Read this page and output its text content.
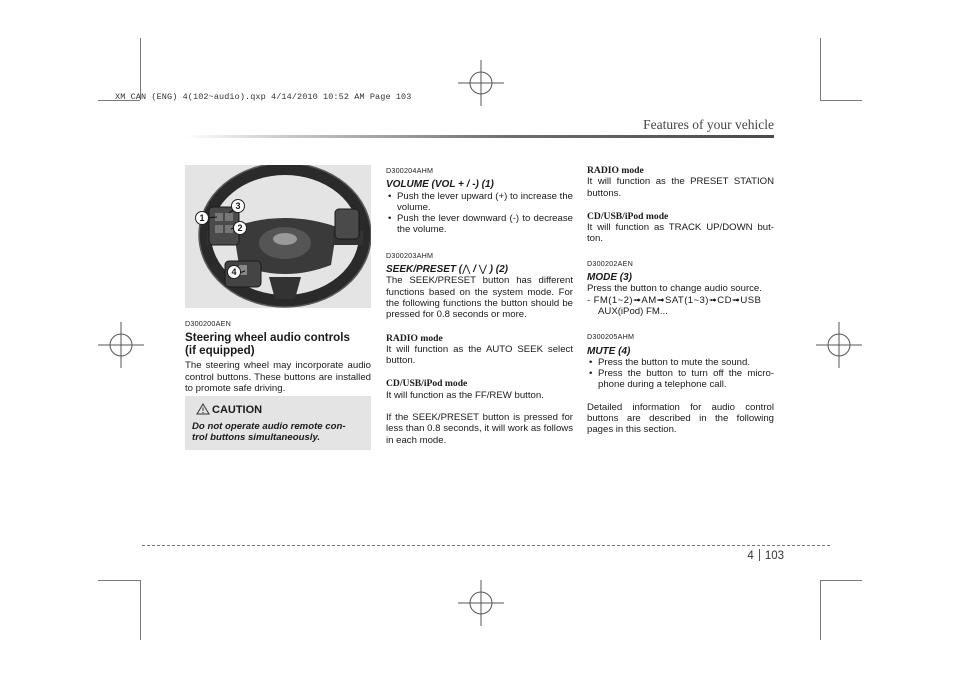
XM CAN (ENG) 4(102~audio).qxp 4/14/2010 10:52 AM Page 103
Features of your vehicle
1
2
3
4

D300200AEN

Steering wheel audio controls

(if equipped)

The steering wheel may incorporate audio control buttons. These buttons are installed to promote safe driving.

CAUTION
Do not operate audio remote con-
trol buttons simultaneously.

D300204AHM

VOLUME (VOL + / -) (1)

• Push the lever upward (+) to increase the volume.
• Push the lever downward (-) to decrease the volume.

D300203AHM

SEEK/PRESET (⋀ / ⋁ ) (2)

The SEEK/PRESET button has different functions based on the system mode. For the following functions the button should be pressed for 0.8 seconds or more.

RADIO mode

It will function as the AUTO SEEK select button.

CD/USB/iPod mode

It will function as the FF/REW button.

If the SEEK/PRESET button is pressed for less than 0.8 seconds, it will work as follows in each mode.

RADIO mode

It will function as the PRESET STATION buttons.

CD/USB/iPod mode

It will function as TRACK UP/DOWN but-ton.

D300202AEN

MODE (3)

Press the button to change audio source.

- FM(1~2)➟AM➟SAT(1~3)➟CD➟USB

AUX(iPod) FM...

D300205AHM

MUTE (4)

• Press the button to mute the sound.
• Press the button to turn off the micro-phone during a telephone call.

Detailed information for audio control buttons are described in the following pages in this section.

4 103
